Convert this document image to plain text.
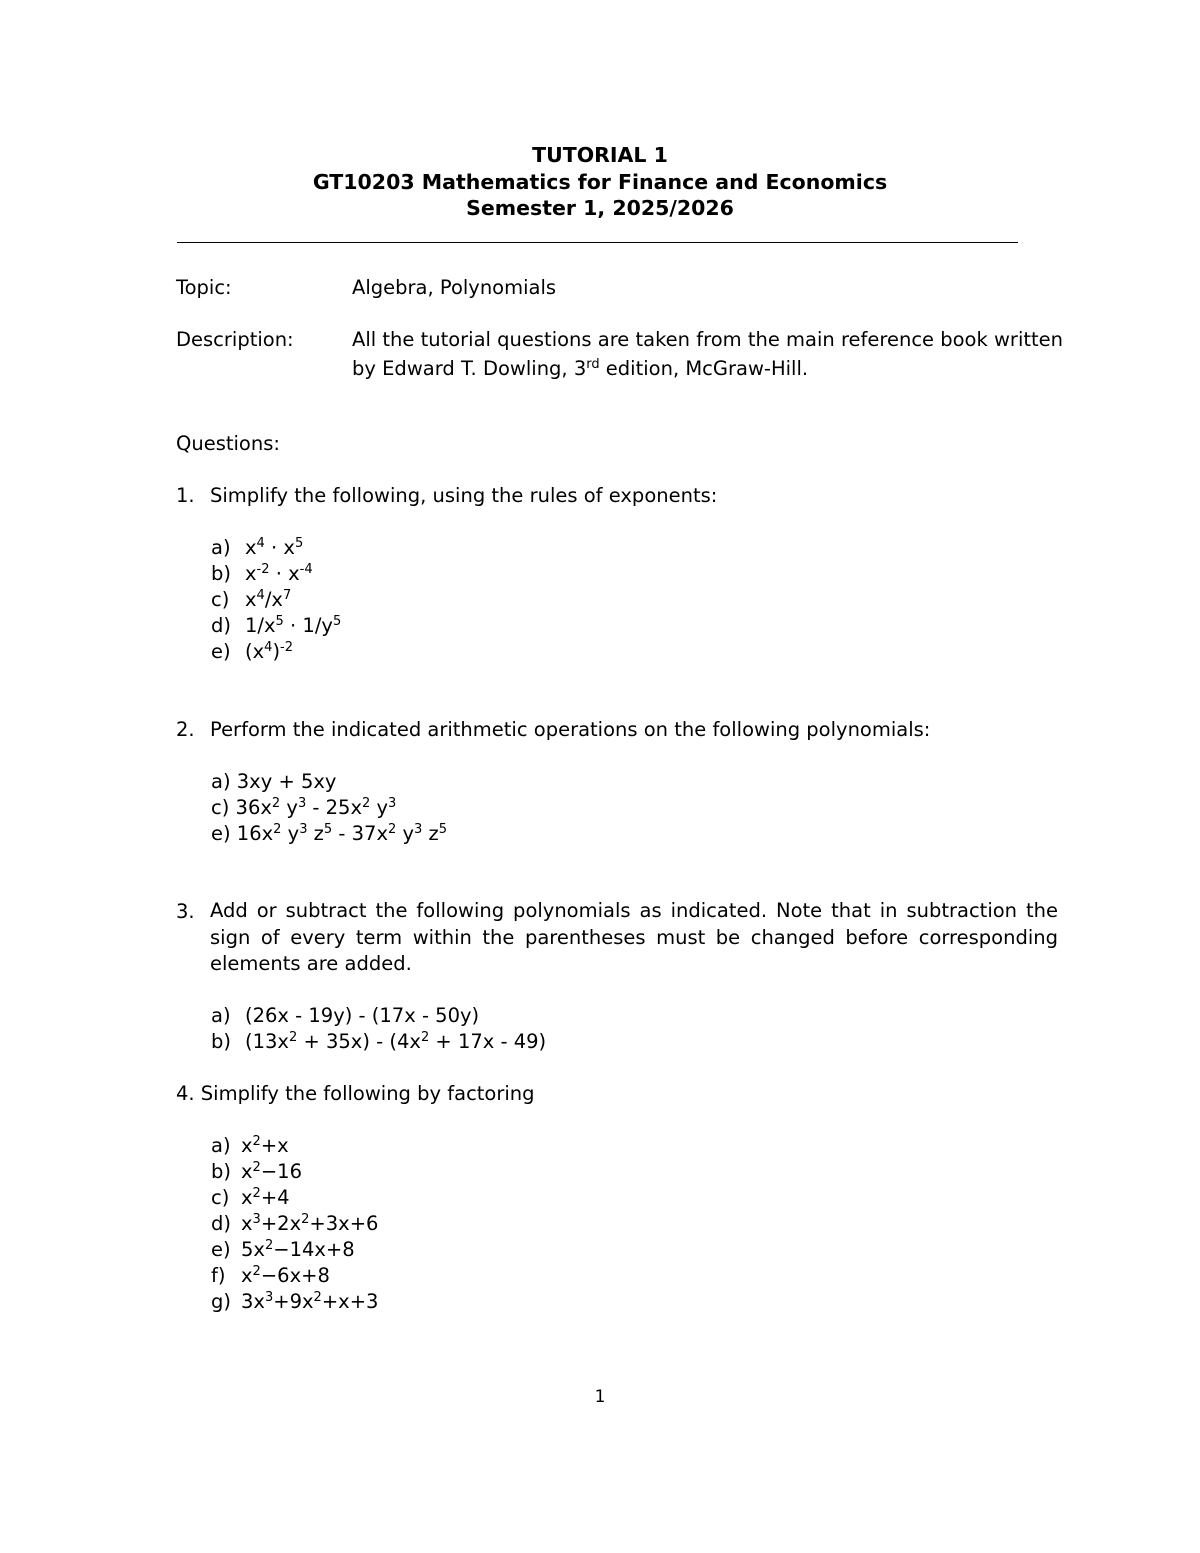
TUTORIAL 1
GT10203 Mathematics for Finance and Economics
Semester 1, 2025/2026
Topic:	Algebra, Polynomials
Description:	All the tutorial questions are taken from the main reference book written
by Edward T. Dowling, 3rd edition, McGraw-Hill.
Questions:
1. Simplify the following, using the rules of exponents:
a) $x^4 \cdot x^5$
b) $x^{-2} \cdot x^{-4}$
c) $x^4/x^7$
d) $1/x^5 \cdot 1/y^5$
e) $(x^4)^{-2}$
2. Perform the indicated arithmetic operations on the following polynomials:
a) 3xy + 5xy
c) $36x^2$ $y^3 - 25x^2$ $y^3$
e) $16x^2$ $y^3$ $z^5 - 37x^2$ $y^3$ $z^5$
3. Add or subtract the following polynomials as indicated. Note that in subtraction the sign of every term within the parentheses must be changed before corresponding elements are added.
a) (26x - 19y) - (17x - 50y)
b) $(13x^2 + 35x) - (4x^2 + 17x - 49)$
4. Simplify the following by factoring
a) $x^2+x$
b) $x^2-16$
c) $x^2+4$
d) $x^3+2x^2+3x+6$
e) $5x^2-14x+8$
f) $x^2-6x+8$
g) $3x^3+9x^2+x+3$
1
